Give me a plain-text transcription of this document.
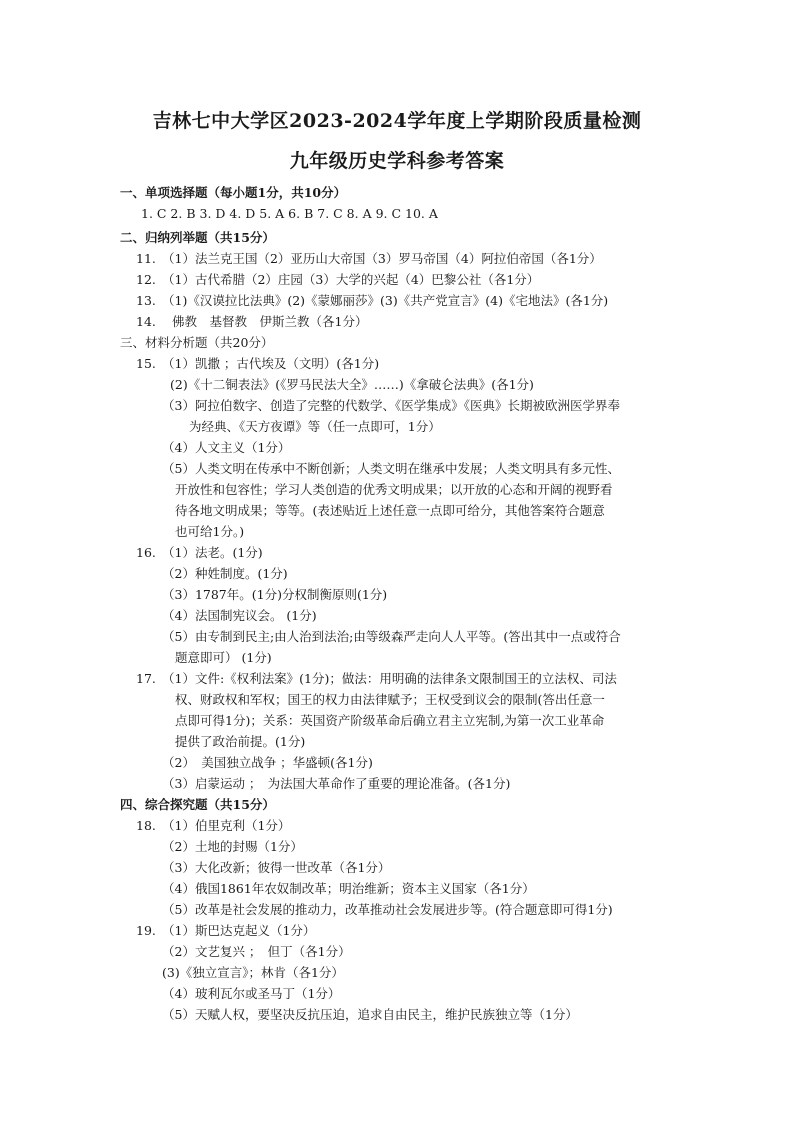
吉林七中大学区2023-2024学年度上学期阶段质量检测
九年级历史学科参考答案
一、单项选择题（每小题1分，共10分）
1. C 2. B 3. D 4. D 5. A 6. B 7. C 8. A 9. C 10. A
二、归纳列举题（共15分）
11. （1）法兰克王国（2）亚历山大帝国（3）罗马帝国（4）阿拉伯帝国（各1分）
12. （1）古代希腊（2）庄园（3）大学的兴起（4）巴黎公社（各1分）
13. （1)《汉谟拉比法典》(2)《蒙娜丽莎》(3)《共产党宣言》(4)《宅地法》(各1分)
14. 佛教　基督教　伊斯兰教（各1分）
三、材料分析题（共20分）
15. （1）凯撒 ；古代埃及（文明）(各1分)
(2)《十二铜表法》(《罗马民法大全》……)《拿破仑法典》(各1分)
（3）阿拉伯数字、创造了完整的代数学、《医学集成》《医典》长期被欧洲医学界奉
为经典、《天方夜谭》等（任一点即可，1分）
（4）人文主义（1分）
（5）人类文明在传承中不断创新；人类文明在继承中发展；人类文明具有多元性、
开放性和包容性；学习人类创造的优秀文明成果；以开放的心态和开阔的视野看
待各地文明成果；等等。(表述贴近上述任意一点即可给分，其他答案符合题意
也可给1分。)
16. （1）法老。(1分)
（2）种姓制度。(1分)
（3）1787年。(1分)分权制衡原则(1分)
（4）法国制宪议会。 (1分)
（5）由专制到民主;由人治到法治;由等级森严走向人人平等。(答出其中一点或符合
题意即可） (1分)
17. （1）文件:《权利法案》(1分)；做法：用明确的法律条文限制国王的立法权、司法
权、财政权和军权；国王的权力由法律赋予；王权受到议会的限制(答出任意一
点即可得1分)；关系：英国资产阶级革命后确立君主立宪制,为第一次工业革命
提供了政治前提。(1分)
（2）　美国独立战争 ；华盛顿(各1分)
（3）启蒙运动 ；　为法国大革命作了重要的理论准备。(各1分)
四、综合探究题（共15分）
18. （1）伯里克利（1分）
（2）土地的封赐（1分）
（3）大化改新；彼得一世改革（各1分）
（4）俄国1861年农奴制改革；明治维新；资本主义国家（各1分）
（5）改革是社会发展的推动力，改革推动社会发展进步等。(符合题意即可得1分)
19. （1）斯巴达克起义（1分）
（2）文艺复兴 ；　但丁（各1分）
(3)《独立宣言》；林肯（各1分）
（4）玻利瓦尔或圣马丁（1分）
（5）天赋人权，要坚决反抗压迫，追求自由民主，维护民族独立等（1分）
